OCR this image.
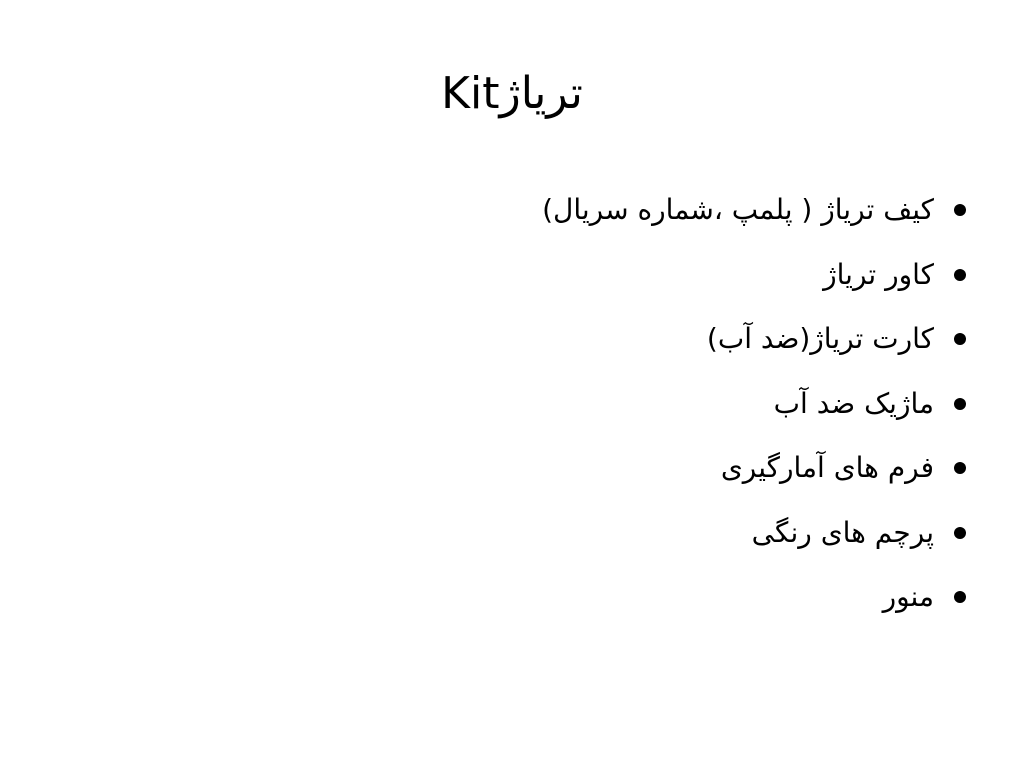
تریاژKit
کیف تریاژ ( پلمپ ،شماره سریال)
کاور تریاژ
کارت تریاژ(ضد آب)
ماژیک ضد آب
فرم های آمارگیری
پرچم های رنگی
منور
